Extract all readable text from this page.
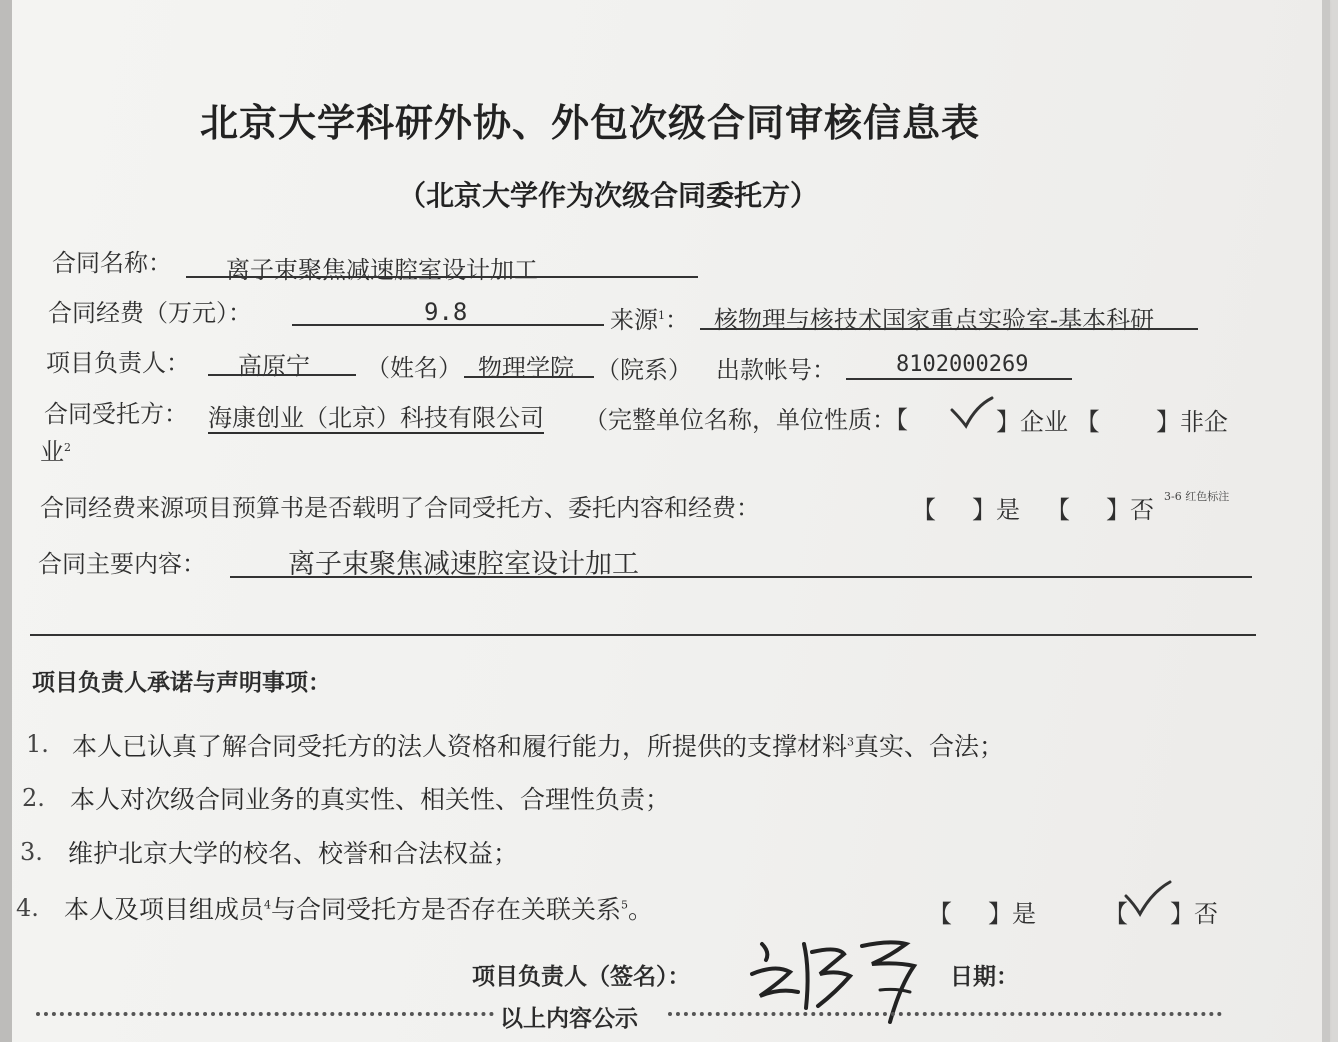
北京大学科研外协、外包次级合同审核信息表
（北京大学作为次级合同委托方）
合同名称： 离子束聚焦减速腔室设计加工
合同经费（万元）：	9.8	来源$^1$： 核物理与核技术国家重点实验室-基本科研
项目负责人： 高原宁 （姓名） 物理学院 （院系） 出款帐号：	8102000269
合同受托方： 海康创业（北京）科技有限公司 （完整单位名称，单位性质：【	】企业 【 】非企
业$^2$
合同经费来源项目预算书是否载明了合同受托方、委托内容和经费：	【 】是 【 】否 3-6 红色标注
合同主要内容：	离子束聚焦减速腔室设计加工
项目负责人承诺与声明事项：
1. 本人已认真了解合同受托方的法人资格和履行能力，所提供的支撑材料$^3$真实、合法；
2. 本人对次级合同业务的真实性、相关性、合理性负责；
3. 维护北京大学的校名、校誉和合法权益；
4. 本人及项目组成员$^4$与合同受托方是否存在关联关系$^5$。	【 】是	【 】否
项目负责人（签名）：	日期：
以上内容公示
